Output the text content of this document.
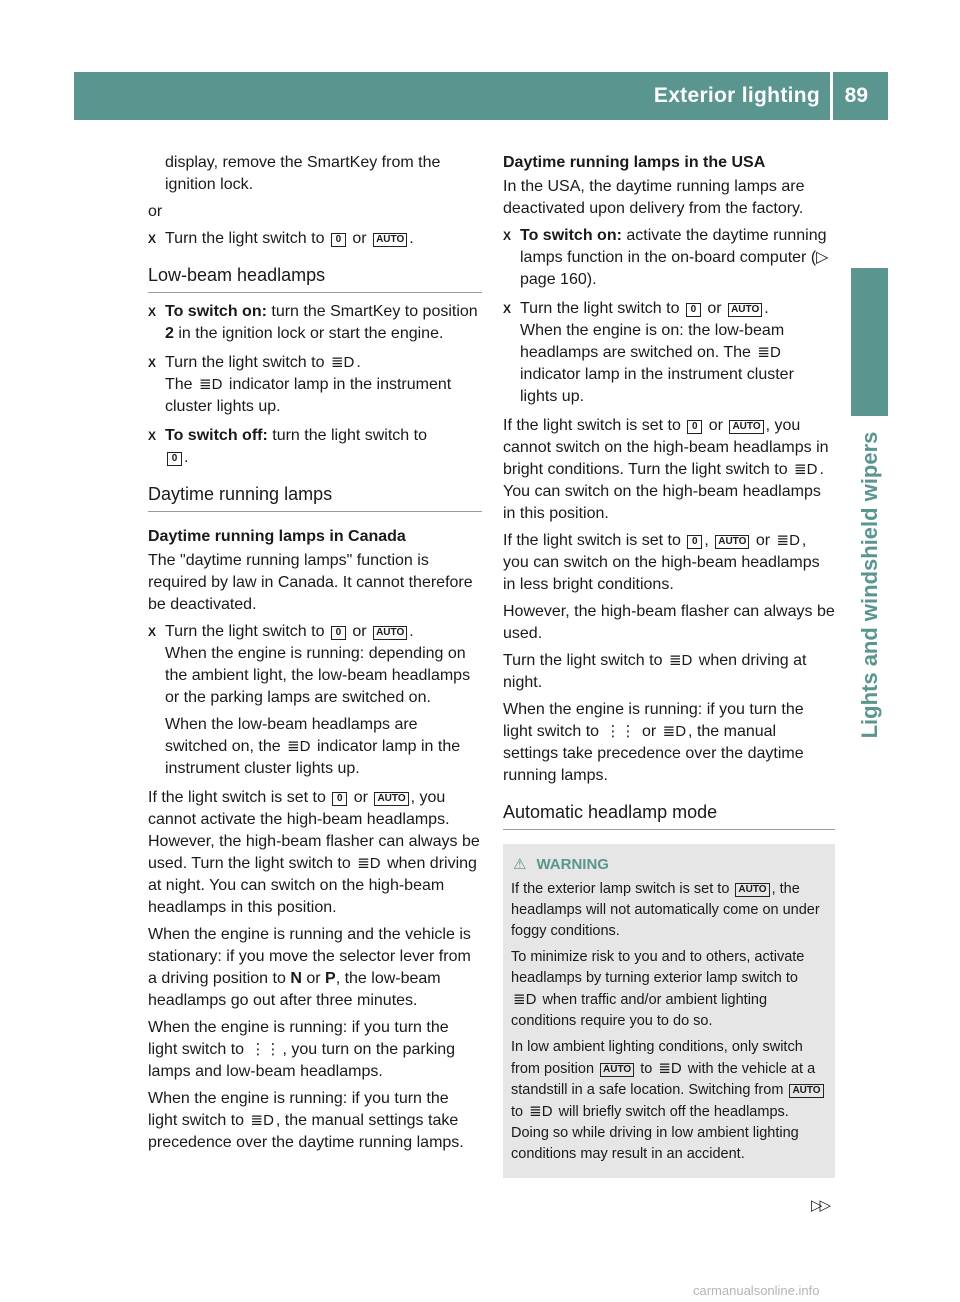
Exterior lighting 89
Lights and windshield wipers

display, remove the SmartKey from the ignition lock.

or

X Turn the light switch to 0 or AUTO .
Low-beam headlamps
X To switch on: turn the SmartKey to position 2 in the ignition lock or start the engine.
X Turn the light switch to ≣D .
The ≣D indicator lamp in the instrument cluster lights up.
X To switch off: turn the light switch to
0 .
Daytime running lamps
Daytime running lamps in Canada

The "daytime running lamps" function is required by law in Canada. It cannot therefore be deactivated.

X Turn the light switch to 0 or AUTO .

When the engine is running: depending on the ambient light, the low-beam headlamps or the parking lamps are switched on.

When the low-beam headlamps are switched on, the ≣D indicator lamp in the instrument cluster lights up.

If the light switch is set to 0 or AUTO , you cannot activate the high-beam headlamps. However, the high-beam flasher can always be used. Turn the light switch to ≣D when driving at night. You can switch on the high-beam headlamps in this position.

When the engine is running and the vehicle is stationary: if you move the selector lever from a driving position to N or P, the low-beam headlamps go out after three minutes.

When the engine is running: if you turn the light switch to ⋮⋮ , you turn on the parking lamps and low-beam headlamps.

When the engine is running: if you turn the light switch to ≣D , the manual settings take precedence over the daytime running lamps.

Daytime running lamps in the USA

In the USA, the daytime running lamps are deactivated upon delivery from the factory.

X To switch on: activate the daytime running lamps function in the on-board computer (▷ page 160).
X Turn the light switch to 0 or AUTO .
When the engine is on: the low-beam headlamps are switched on. The ≣D indicator lamp in the instrument cluster lights up.

If the light switch is set to 0 or AUTO , you cannot switch on the high-beam headlamps in bright conditions. Turn the light switch to ≣D . You can switch on the high-beam headlamps in this position.

If the light switch is set to 0 , AUTO or ≣D , you can switch on the high-beam headlamps in less bright conditions.

However, the high-beam flasher can always be used.

Turn the light switch to ≣D when driving at night.

When the engine is running: if you turn the light switch to ⋮⋮ or ≣D , the manual settings take precedence over the daytime running lamps.

Automatic headlamp mode
⚠ WARNING

If the exterior lamp switch is set to AUTO , the headlamps will not automatically come on under foggy conditions.

To minimize risk to you and to others, activate headlamps by turning exterior lamp switch to ≣D when traffic and/or ambient lighting conditions require you to do so.

In low ambient lighting conditions, only switch from position AUTO to ≣D with the vehicle at a standstill in a safe location. Switching from AUTO to ≣D will briefly switch off the headlamps. Doing so while driving in low ambient lighting conditions may result in an accident.

▷▷
carmanualsonline.info
